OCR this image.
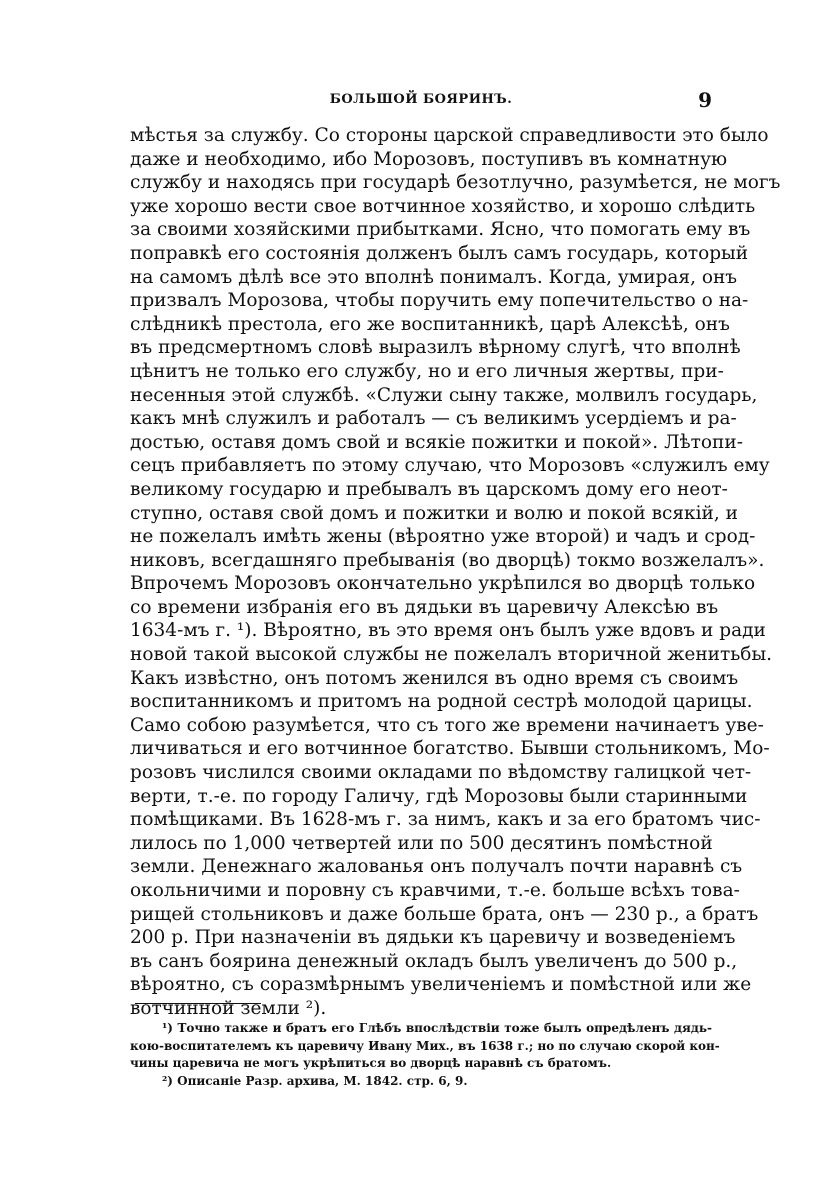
БОЛЬШОЙ БОЯРИНЪ.	9
мѣстья за службу. Со стороны царской справедливости это было
даже и необходимо, ибо Морозовъ, поступивъ въ комнатную
службу и находясь при государѣ безотлучно, разумѣется, не могъ
уже хорошо вести свое вотчинное хозяйство, и хорошо слѣдить
за своими хозяйскими прибытками. Ясно, что помогать ему въ
поправкѣ его состоянія долженъ былъ самъ государь, который
на самомъ дѣлѣ все это вполнѣ понималъ. Когда, умирая, онъ
призвалъ Морозова, чтобы поручить ему попечительство о на-
слѣдникѣ престола, его же воспитанникѣ, царѣ Алексѣѣ, онъ
въ предсмертномъ словѣ выразилъ вѣрному слугѣ, что вполнѣ
цѣнитъ не только его службу, но и его личныя жертвы, при-
несенныя этой службѣ. «Служи сыну также, молвилъ государь,
какъ мнѣ служилъ и работалъ — съ великимъ усердіемъ и ра-
достью, оставя домъ свой и всякіе пожитки и покой». Лѣтопи-
сецъ прибавляетъ по этому случаю, что Морозовъ «служилъ ему
великому государю и пребывалъ въ царскомъ дому его неот-
ступно, оставя свой домъ и пожитки и волю и покой всякій, и
не пожелалъ имѣть жены (вѣроятно уже второй) и чадъ и срод-
никовъ, всегдашняго пребыванія (во дворцѣ) токмо возжелалъ».
Впрочемъ Морозовъ окончательно укрѣпился во дворцѣ только
со времени избранія его въ дядьки въ царевичу Алексѣю въ
1634-мъ г. ¹). Вѣроятно, въ это время онъ былъ уже вдовъ и ради
новой такой высокой службы не пожелалъ вторичной женитьбы.
Какъ извѣстно, онъ потомъ женился въ одно время съ своимъ
воспитанникомъ и притомъ на родной сестрѣ молодой царицы.
Само собою разумѣется, что съ того же времени начинаетъ уве-
личиваться и его вотчинное богатство. Бывши стольникомъ, Мо-
розовъ числился своими окладами по вѣдомству галицкой чет-
верти, т.-е. по городу Галичу, гдѣ Морозовы были старинными
помѣщиками. Въ 1628-мъ г. за нимъ, какъ и за его братомъ чис-
лилось по 1,000 четвертей или по 500 десятинъ помѣстной
земли. Денежнаго жалованья онъ получалъ почти наравнѣ съ
окольничими и поровну съ кравчими, т.-е. больше всѣхъ това-
рищей стольниковъ и даже больше брата, онъ — 230 р., а братъ
200 р. При назначеніи въ дядьки къ царевичу и возведеніемъ
въ санъ боярина денежный окладъ былъ увеличенъ до 500 р.,
вѣроятно, съ соразмѣрнымъ увеличеніемъ и помѣстной или же
вотчинной земли ²).
¹) Точно также и братъ его Глѣбъ впослѣдствіи тоже былъ опредѣленъ дядь-
кою-воспитателемъ къ царевичу Ивану Мих., въ 1638 г.; но по случаю скорой кон-
чины царевича не могъ укрѣпиться во дворцѣ наравнѣ съ братомъ.
²) Описаніе Разр. архива, М. 1842. стр. 6, 9.
